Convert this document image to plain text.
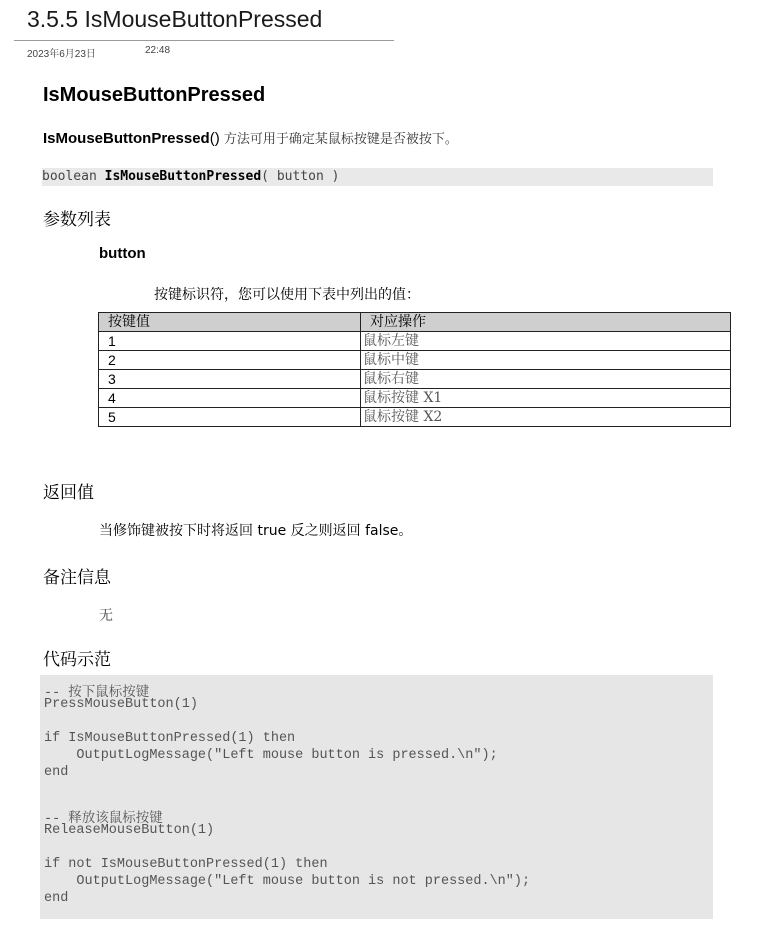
3.5.5 IsMouseButtonPressed
2023年6月23日	22:48
IsMouseButtonPressed
IsMouseButtonPressed() 方法可用于确定某鼠标按键是否被按下。
boolean IsMouseButtonPressed( button )
参数列表
button
按键标识符，您可以使用下表中列出的值：
按键值	对应操作
1	鼠标左键
2	鼠标中键
3	鼠标右键
4	鼠标按键 X1
5	鼠标按键 X2
返回值
当修饰键被按下时将返回 true 反之则返回 false。
备注信息
无
代码示范
-- 按下鼠标按键
PressMouseButton(1)
if IsMouseButtonPressed(1) then
OutputLogMessage("Left mouse button is pressed.\n");
end
-- 释放该鼠标按键
ReleaseMouseButton(1)
if not IsMouseButtonPressed(1) then
OutputLogMessage("Left mouse button is not pressed.\n");
end
